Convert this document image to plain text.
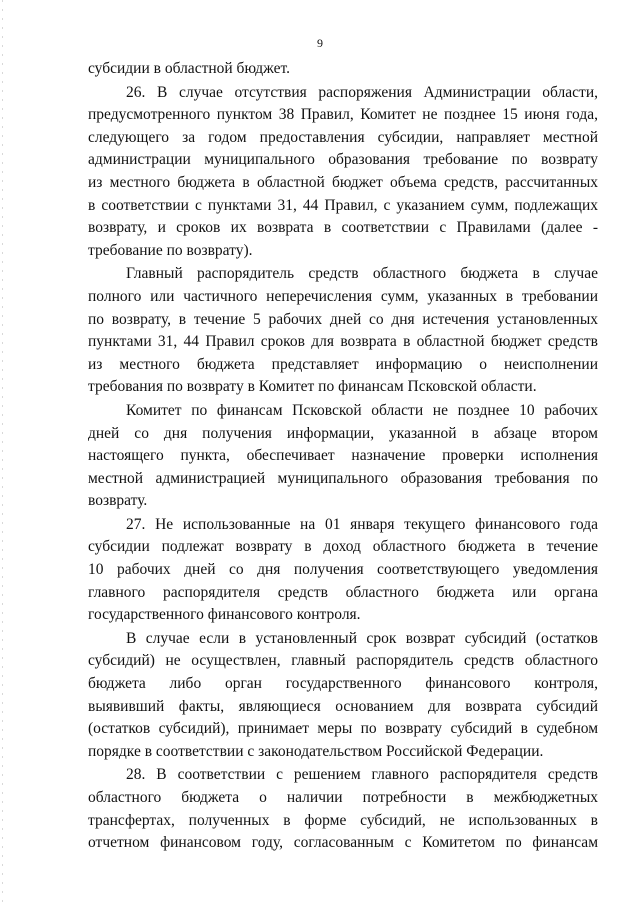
9

субсидии в областной бюджет.

26. В случае отсутствия распоряжения Администрации области,
предусмотренного пунктом 38 Правил, Комитет не позднее 15 июня года,
следующего за годом предоставления субсидии, направляет местной
администрации муниципального образования требование по возврату
из местного бюджета в областной бюджет объема средств, рассчитанных
в соответствии с пунктами 31, 44 Правил, с указанием сумм, подлежащих
возврату, и сроков их возврата в соответствии с Правилами (далее -
требование по возврату).

Главный распорядитель средств областного бюджета в случае
полного или частичного неперечисления сумм, указанных в требовании
по возврату, в течение 5 рабочих дней со дня истечения установленных
пунктами 31, 44 Правил сроков для возврата в областной бюджет средств
из местного бюджета представляет информацию о неисполнении
требования по возврату в Комитет по финансам Псковской области.

Комитет по финансам Псковской области не позднее 10 рабочих
дней со дня получения информации, указанной в абзаце втором
настоящего пункта, обеспечивает назначение проверки исполнения
местной администрацией муниципального образования требования по
возврату.

27. Не использованные на 01 января текущего финансового года
субсидии подлежат возврату в доход областного бюджета в течение
10 рабочих дней со дня получения соответствующего уведомления
главного распорядителя средств областного бюджета или органа
государственного финансового контроля.

В случае если в установленный срок возврат субсидий (остатков
субсидий) не осуществлен, главный распорядитель средств областного
бюджета либо орган государственного финансового контроля,
выявивший факты, являющиеся основанием для возврата субсидий
(остатков субсидий), принимает меры по возврату субсидий в судебном
порядке в соответствии с законодательством Российской Федерации.

28. В соответствии с решением главного распорядителя средств
областного бюджета о наличии потребности в межбюджетных
трансфертах, полученных в форме субсидий, не использованных в
отчетном финансовом году, согласованным с Комитетом по финансам
